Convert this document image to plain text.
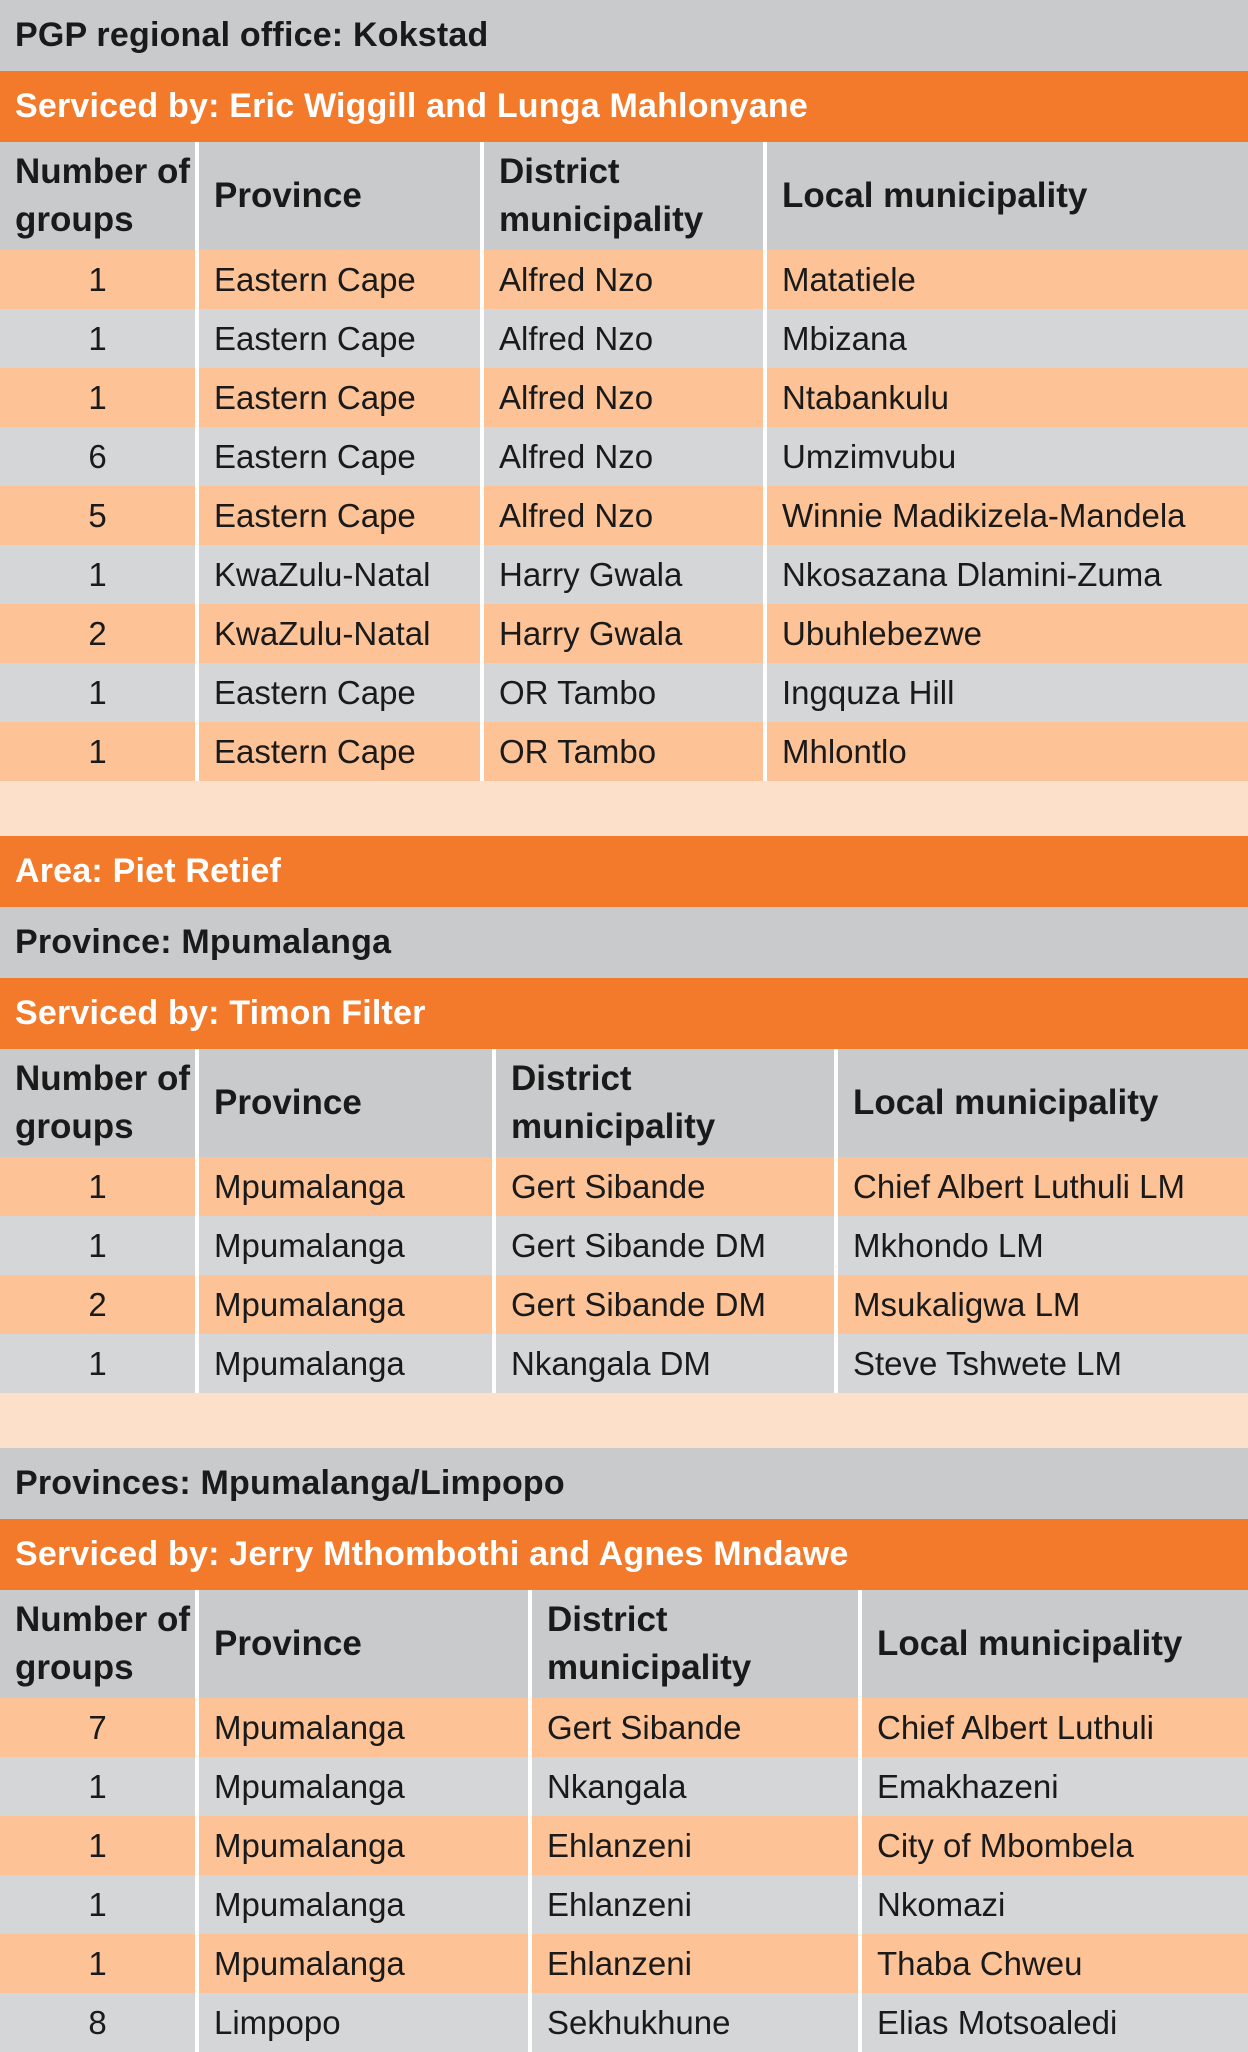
PGP regional office: Kokstad
Serviced by: Eric Wiggill and Lunga Mahlonyane
Number of groups	Province	District municipality	Local municipality
1	Eastern Cape	Alfred Nzo	Matatiele
1	Eastern Cape	Alfred Nzo	Mbizana
1	Eastern Cape	Alfred Nzo	Ntabankulu
6	Eastern Cape	Alfred Nzo	Umzimvubu
5	Eastern Cape	Alfred Nzo	Winnie Madikizela-Mandela
1	KwaZulu-Natal	Harry Gwala	Nkosazana Dlamini-Zuma
2	KwaZulu-Natal	Harry Gwala	Ubuhlebezwe
1	Eastern Cape	OR Tambo	Ingquza Hill
1	Eastern Cape	OR Tambo	Mhlontlo
Area: Piet Retief
Province: Mpumalanga
Serviced by: Timon Filter
Number of groups	Province	District municipality	Local municipality
1	Mpumalanga	Gert Sibande	Chief Albert Luthuli LM
1	Mpumalanga	Gert Sibande DM	Mkhondo LM
2	Mpumalanga	Gert Sibande DM	Msukaligwa LM
1	Mpumalanga	Nkangala DM	Steve Tshwete LM
Provinces: Mpumalanga/Limpopo
Serviced by: Jerry Mthombothi and Agnes Mndawe
Number of groups	Province	District municipality	Local municipality
7	Mpumalanga	Gert Sibande	Chief Albert Luthuli
1	Mpumalanga	Nkangala	Emakhazeni
1	Mpumalanga	Ehlanzeni	City of Mbombela
1	Mpumalanga	Ehlanzeni	Nkomazi
1	Mpumalanga	Ehlanzeni	Thaba Chweu
8	Limpopo	Sekhukhune	Elias Motsoaledi
